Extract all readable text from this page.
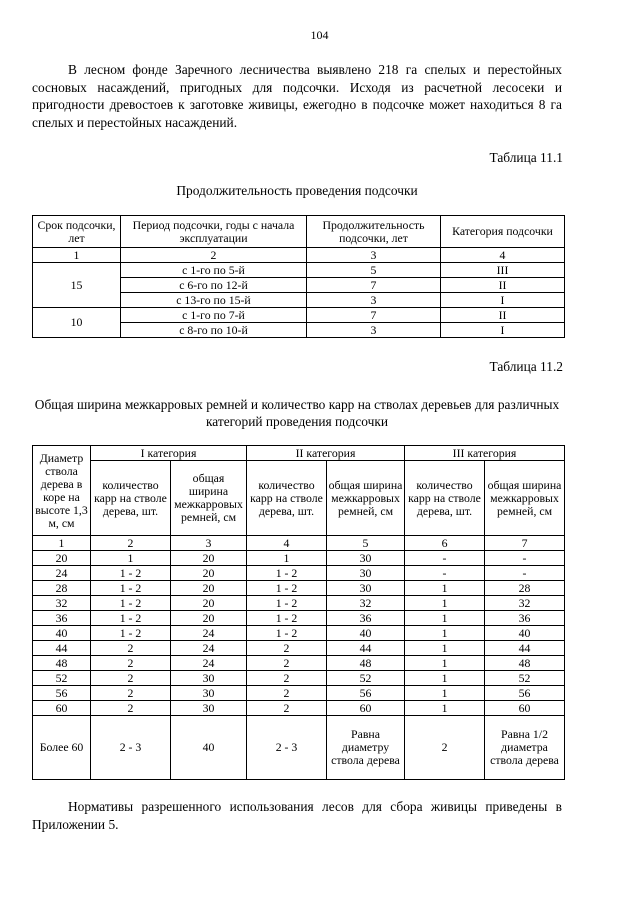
104

В лесном фонде Заречного лесничества выявлено 218 га спелых и перестойных сосновых насаждений, пригодных для подсочки. Исходя из расчетной лесосеки и пригодности древостоев к заготовке живицы, ежегодно в подсочке может находиться 8 га спелых и перестойных насаждений.

Таблица 11.1

Продолжительность проведения подсочки

Срок подсочки, лет	Период подсочки, годы с начала эксплуатации	Продолжительность подсочки, лет	Категория подсочки
1	2	3	4
15	с 1-го по 5-й	5	III
	с 6-го по 12-й	7	II
	с 13-го по 15-й	3	I
10	с 1-го по 7-й	7	II
	с 8-го по 10-й	3	I
Таблица 11.2

Общая ширина межкарровых ремней и количество карр на стволах деревьев для различных категорий проведения подсочки

Диаметр ствола дерева в коре на высоте 1,3 м, см	I категория		II категория		III категория	
	количество карр на стволе дерева, шт.	общая ширина межкарровых ремней, см	количество карр на стволе дерева, шт.	общая ширина межкарровых ремней, см	количество карр на стволе дерева, шт.	общая ширина межкарровых ремней, см
1	2	3	4	5	6	7
20	1	20	1	30	-	-
24	1 - 2	20	1 - 2	30	-	-
28	1 - 2	20	1 - 2	30	1	28
32	1 - 2	20	1 - 2	32	1	32
36	1 - 2	20	1 - 2	36	1	36
40	1 - 2	24	1 - 2	40	1	40
44	2	24	2	44	1	44
48	2	24	2	48	1	48
52	2	30	2	52	1	52
56	2	30	2	56	1	56
60	2	30	2	60	1	60
Более 60	2 - 3	40	2 - 3	Равна диаметру ствола дерева	2	Равна 1/2 диаметра ствола дерева

Нормативы разрешенного использования лесов для сбора живицы приведены в Приложении 5.
